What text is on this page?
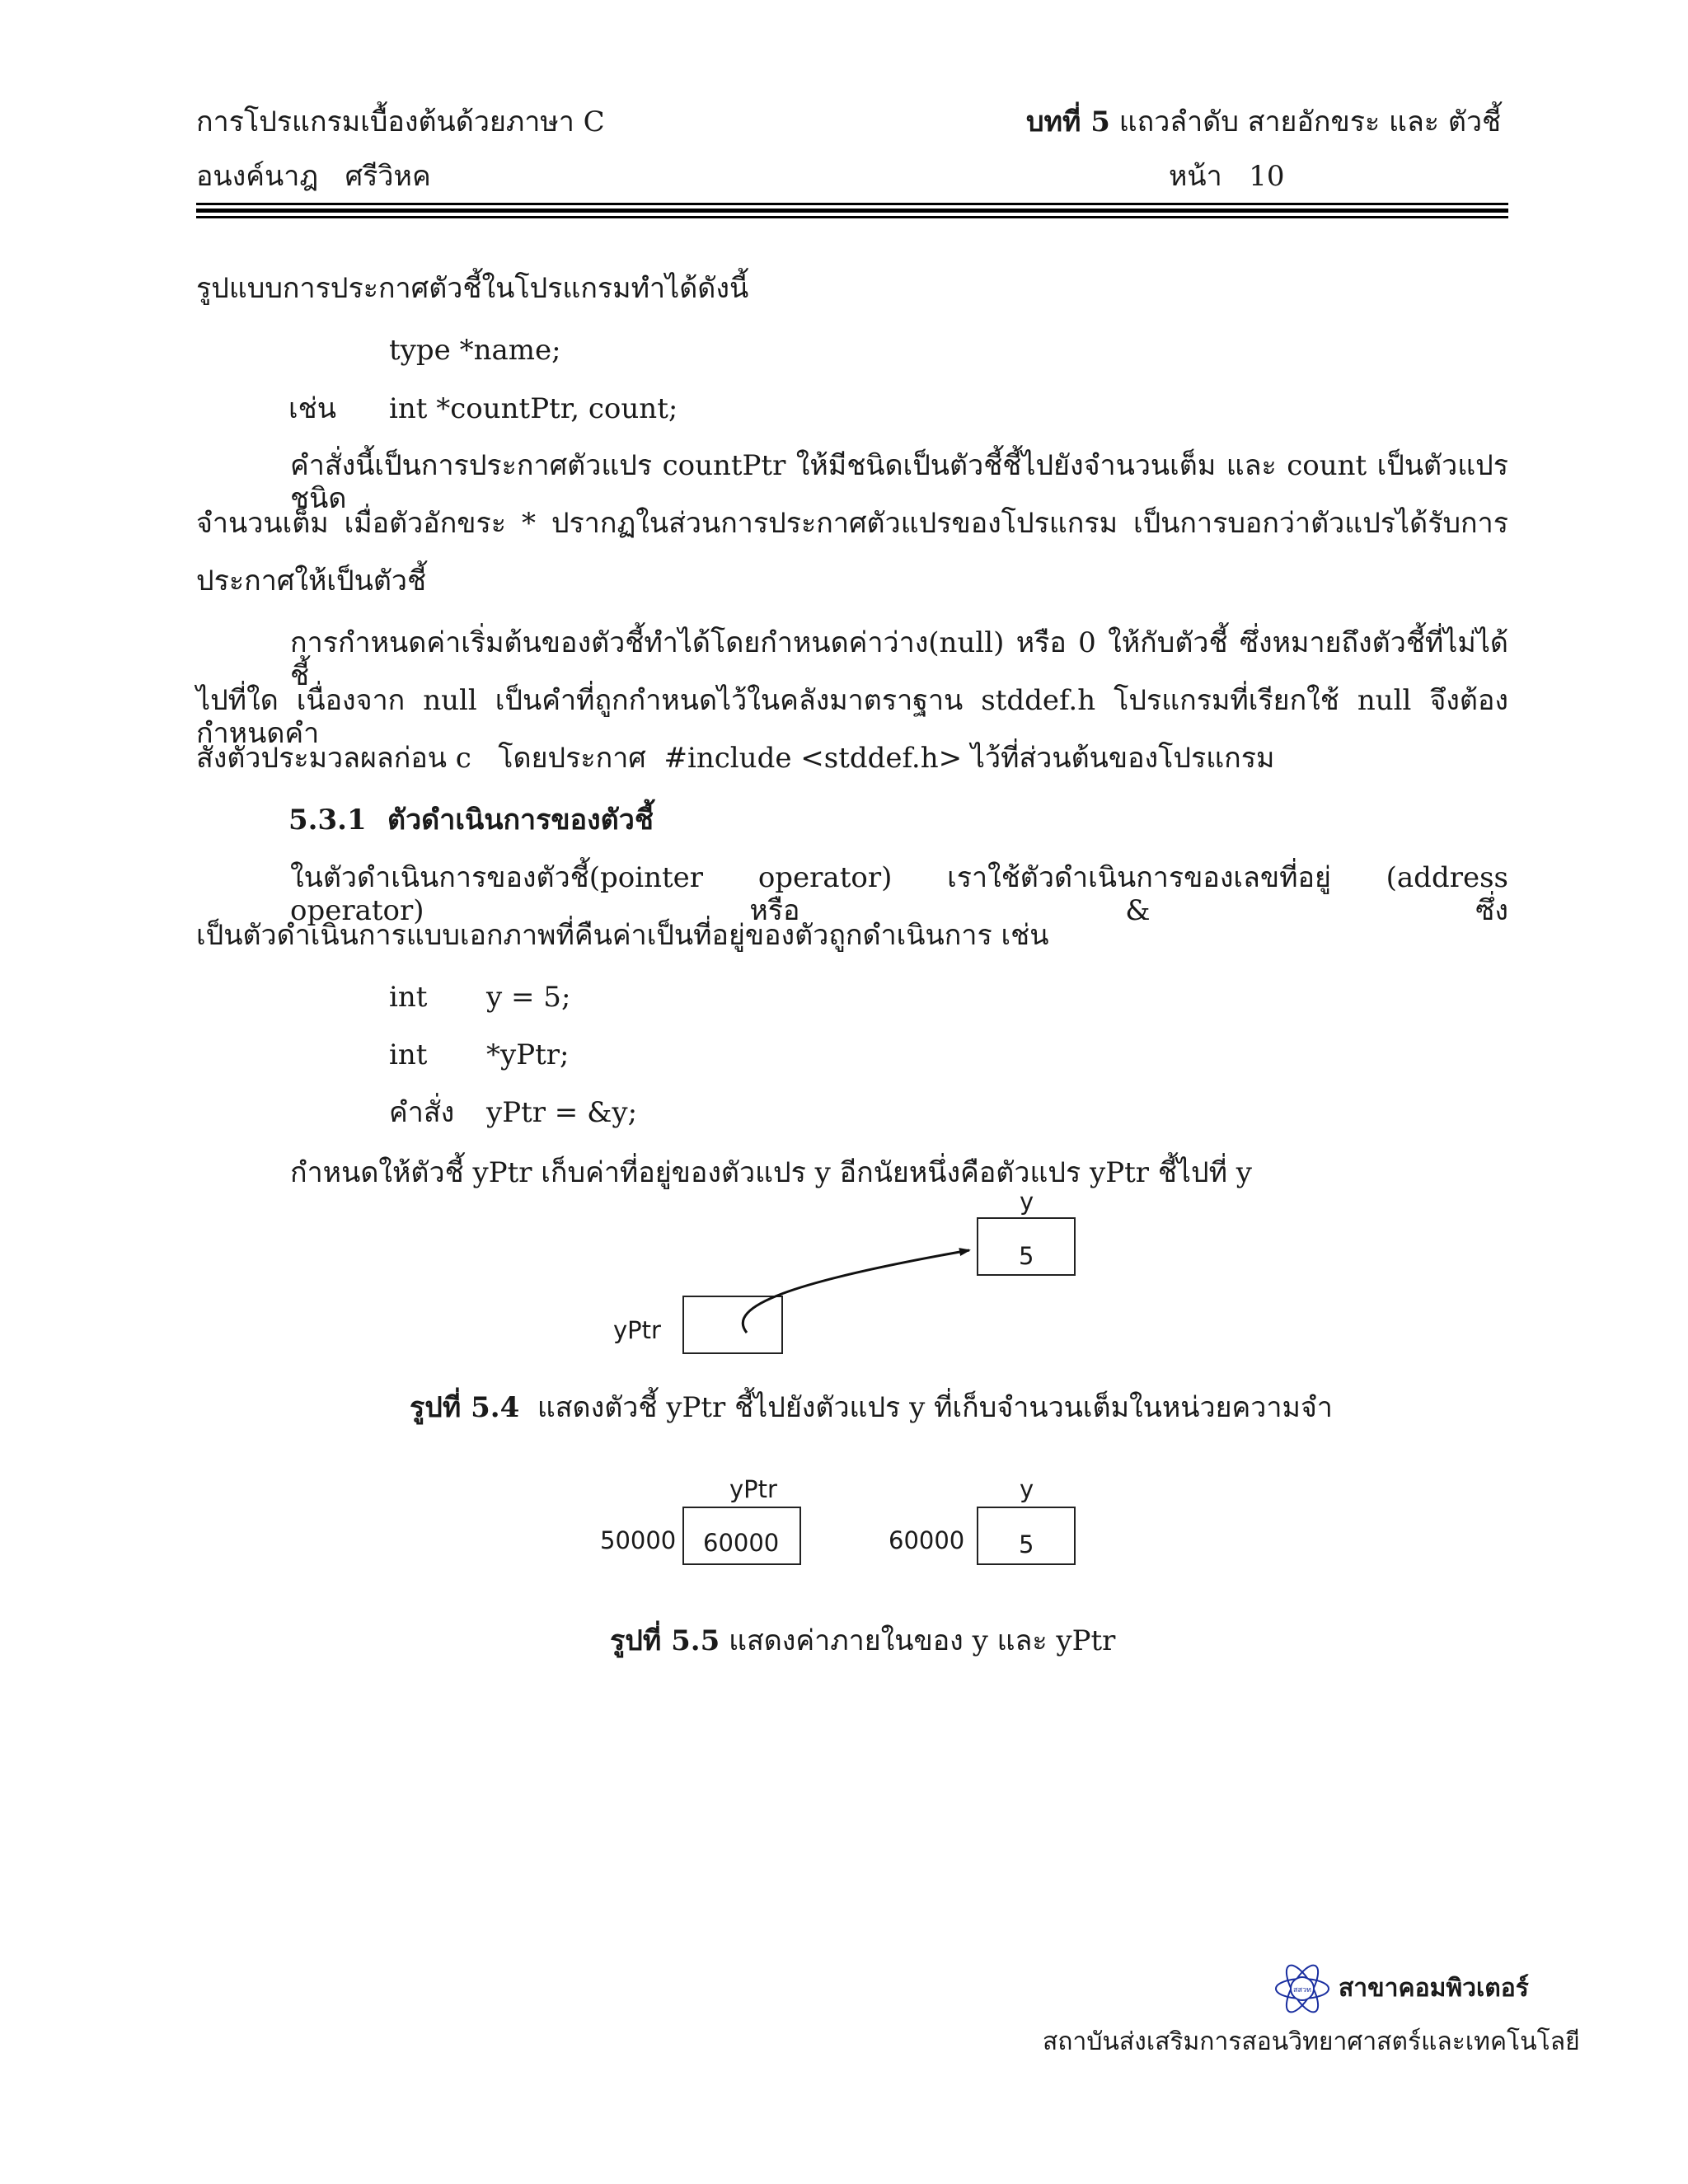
การโปรแกรมเบื้องต้นด้วยภาษา C	บทที่ 5 แถวลำดับ สายอักขระ และ ตัวชี้
อนงค์นาฎ   ศรีวิหค	หน้า 10
รูปแบบการประกาศตัวชี้ในโปรแกรมทำได้ดังนี้
type *name;
เช่น int *countPtr, count;
คำสั่งนี้เป็นการประกาศตัวแปร countPtr ให้มีชนิดเป็นตัวชี้ชี้ไปยังจำนวนเต็ม และ count เป็นตัวแปรชนิด
จำนวนเต็ม เมื่อตัวอักขระ * ปรากฏในส่วนการประกาศตัวแปรของโปรแกรม เป็นการบอกว่าตัวแปรได้รับการ
ประกาศให้เป็นตัวชี้
การกำหนดค่าเริ่มต้นของตัวชี้ทำได้โดยกำหนดค่าว่าง(null) หรือ 0 ให้กับตัวชี้ ซึ่งหมายถึงตัวชี้ที่ไม่ได้ชี้
ไปที่ใด เนื่องจาก null เป็นคำที่ถูกกำหนดไว้ในคลังมาตราฐาน stddef.h โปรแกรมที่เรียกใช้ null จึงต้องกำหนดคำ
สั่งตัวประมวลผลก่อน c   โดยประกาศ  #include <stddef.h> ไว้ที่ส่วนต้นของโปรแกรม
5.3.1 ตัวดำเนินการของตัวชี้
ในตัวดำเนินการของตัวชี้(pointer operator) เราใช้ตัวดำเนินการของเลขที่อยู่ (address operator) หรือ & ซึ่ง
เป็นตัวดำเนินการแบบเอกภาพที่คืนค่าเป็นที่อยู่ของตัวถูกดำเนินการ เช่น
int y = 5;
int *yPtr;
คำสั่ง yPtr = &y;
กำหนดให้ตัวชี้ yPtr เก็บค่าที่อยู่ของตัวแปร y อีกนัยหนึ่งคือตัวแปร yPtr ชี้ไปที่ y
y
5
yPtr
รูปที่ 5.4 แสดงตัวชี้ yPtr ชี้ไปยังตัวแปร y ที่เก็บจำนวนเต็มในหน่วยความจำ
yPtr	y
50000 60000	60000 5
รูปที่ 5.5 แสดงค่าภายในของ y และ yPtr
สสวท สาขาคอมพิวเตอร์
สถาบันส่งเสริมการสอนวิทยาศาสตร์และเทคโนโลยี
